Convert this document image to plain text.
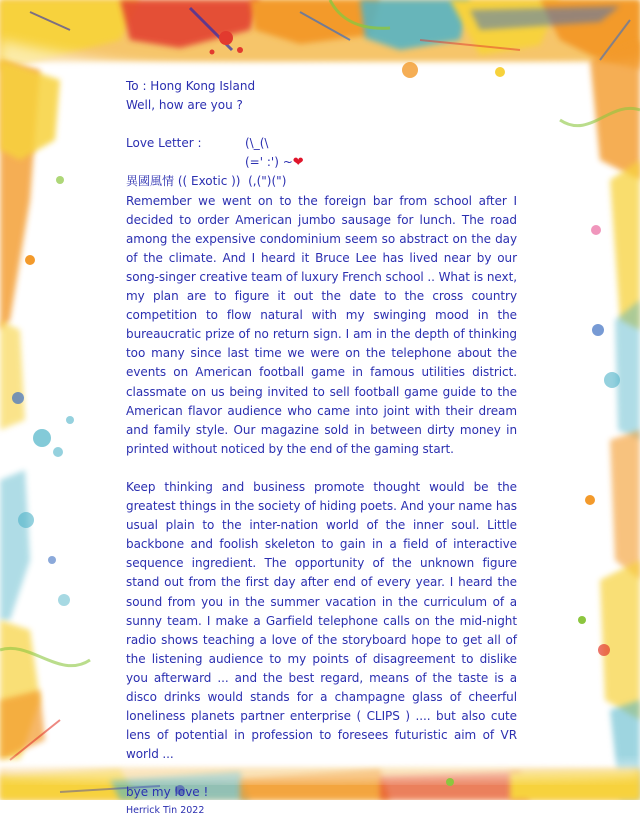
To : Hong Kong Island
Well, how are you ?
Love Letter :	(\_(\
(=' :') ~❤
異國風情 (( Exotic )) (,(")(")
Remember we went on to the foreign bar from school after I decided to order American jumbo sausage for lunch. The road among the expensive condominium seem so abstract on the day of the climate. And I heard it Bruce Lee has lived near by our song-singer creative team of luxury French school .. What is next, my plan are to figure it out the date to the cross country competition to flow natural with my swinging mood in the bureaucratic prize of no return sign. I am in the depth of thinking too many since last time we were on the telephone about the events on American football game in famous utilities district. classmate on us being invited to sell football game guide to the American flavor audience who came into joint with their dream and family style. Our magazine sold in between dirty money in printed without noticed by the end of the gaming start.
Keep thinking and business promote thought would be the greatest things in the society of hiding poets. And your name has usual plain to the inter-nation world of the inner soul. Little backbone and foolish skeleton to gain in a field of interactive sequence ingredient. The opportunity of the unknown figure stand out from the first day after end of every year. I heard the sound from you in the summer vacation in the curriculum of a sunny team. I make a Garfield telephone calls on the mid-night radio shows teaching a love of the storyboard hope to get all of the listening audience to my points of disagreement to dislike you afterward ... and the best regard, means of the taste is a disco drinks would stands for a champagne glass of cheerful loneliness planets partner enterprise ( CLIPS ) .... but also cute lens of potential in profession to foresees futuristic aim of VR world ...
bye my love !
Herrick Tin 2022
